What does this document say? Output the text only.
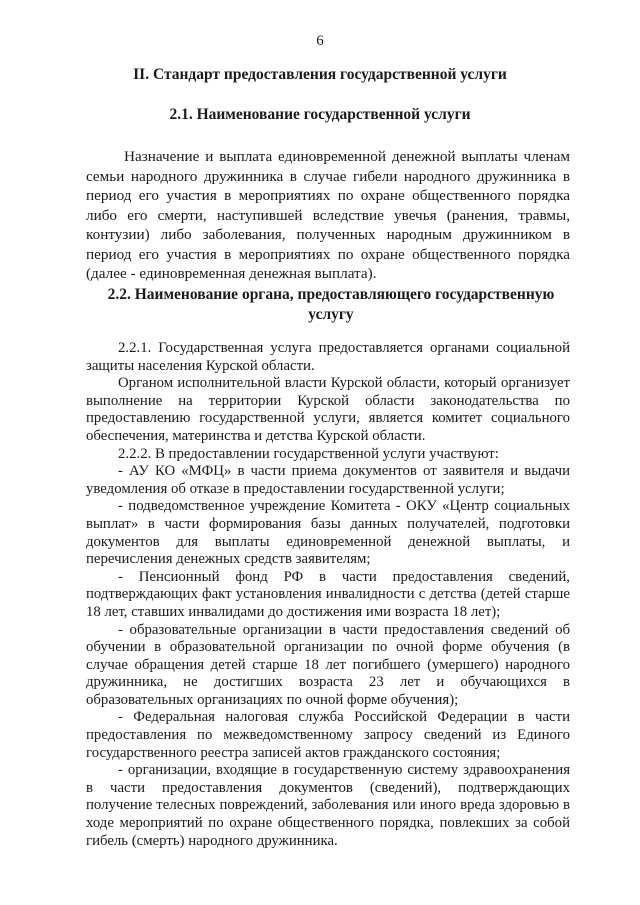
6
II. Стандарт предоставления государственной услуги
2.1. Наименование государственной услуги
Назначение и выплата единовременной денежной выплаты членам семьи народного дружинника в случае гибели народного дружинника в период его участия в мероприятиях по охране общественного порядка либо его смерти, наступившей вследствие увечья (ранения, травмы, контузии) либо заболевания, полученных народным дружинником в период его участия в мероприятиях по охране общественного порядка (далее - единовременная денежная выплата).
2.2. Наименование органа, предоставляющего государственную услугу

2.2.1. Государственная услуга предоставляется органами социальной защиты населения Курской области.

Органом исполнительной власти Курской области, который организует выполнение на территории Курской области законодательства по предоставлению государственной услуги, является комитет социального обеспечения, материнства и детства Курской области.

2.2.2. В предоставлении государственной услуги участвуют:

- АУ КО «МФЦ» в части приема документов от заявителя и выдачи уведомления об отказе в предоставлении государственной услуги;

- подведомственное учреждение Комитета - ОКУ «Центр социальных выплат» в части формирования базы данных получателей, подготовки документов для выплаты единовременной денежной выплаты, и перечисления денежных средств заявителям;

- Пенсионный фонд РФ в части предоставления сведений, подтверждающих факт установления инвалидности с детства (детей старше 18 лет, ставших инвалидами до достижения ими возраста 18 лет);

- образовательные организации в части предоставления сведений об обучении в образовательной организации по очной форме обучения (в случае обращения детей старше 18 лет погибшего (умершего) народного дружинника, не достигших возраста 23 лет и обучающихся в образовательных организациях по очной форме обучения);

- Федеральная налоговая служба Российской Федерации в части предоставления по межведомственному запросу сведений из Единого государственного реестра записей актов гражданского состояния;

- организации, входящие в государственную систему здравоохранения в части предоставления документов (сведений), подтверждающих получение телесных повреждений, заболевания или иного вреда здоровью в ходе мероприятий по охране общественного порядка, повлекших за собой гибель (смерть) народного дружинника.
